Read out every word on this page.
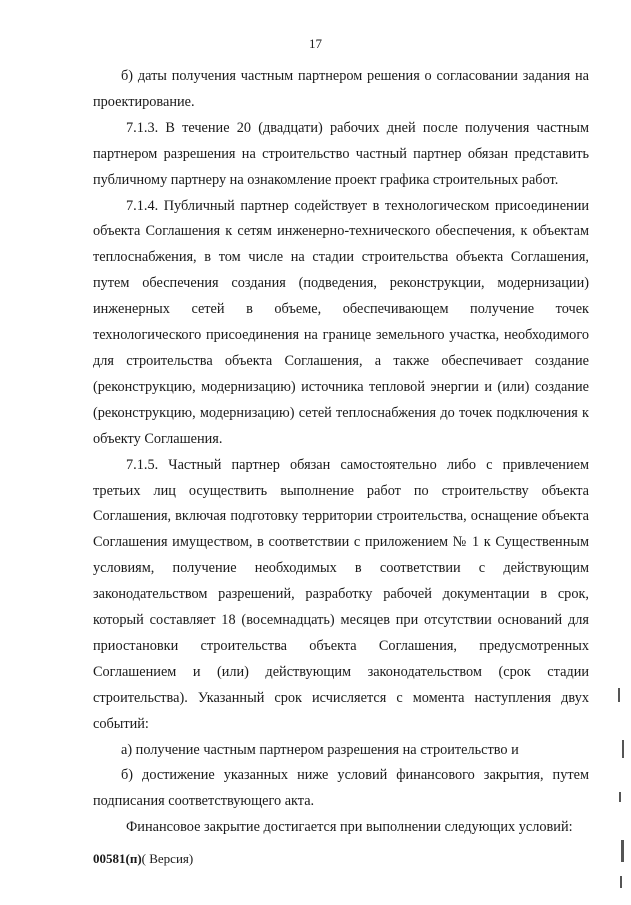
17

б) даты получения частным партнером решения о согласовании задания на проектирование.

7.1.3. В течение 20 (двадцати) рабочих дней после получения частным партнером разрешения на строительство частный партнер обязан представить публичному партнеру на ознакомление проект графика строительных работ.

7.1.4. Публичный партнер содействует в технологическом присоединении объекта Соглашения к сетям инженерно-технического обеспечения, к объектам теплоснабжения, в том числе на стадии строительства объекта Соглашения, путем обеспечения создания (подведения, реконструкции, модернизации) инженерных сетей в объеме, обеспечивающем получение точек технологического присоединения на границе земельного участка, необходимого для строительства объекта Соглашения, а также обеспечивает создание (реконструкцию, модернизацию) источника тепловой энергии и (или) создание (реконструкцию, модернизацию) сетей теплоснабжения до точек подключения к объекту Соглашения.

7.1.5. Частный партнер обязан самостоятельно либо с привлечением третьих лиц осуществить выполнение работ по строительству объекта Соглашения, включая подготовку территории строительства, оснащение объекта Соглашения имуществом, в соответствии с приложением № 1 к Существенным условиям, получение необходимых в соответствии с действующим законодательством разрешений, разработку рабочей документации в срок, который составляет 18 (восемнадцать) месяцев при отсутствии оснований для приостановки строительства объекта Соглашения, предусмотренных Соглашением и (или) действующим законодательством (срок стадии строительства). Указанный срок исчисляется с момента наступления двух событий:

а) получение частным партнером разрешения на строительство и

б) достижение указанных ниже условий финансового закрытия, путем подписания соответствующего акта.

Финансовое закрытие достигается при выполнении следующих условий:

00581(п)( Версия)
